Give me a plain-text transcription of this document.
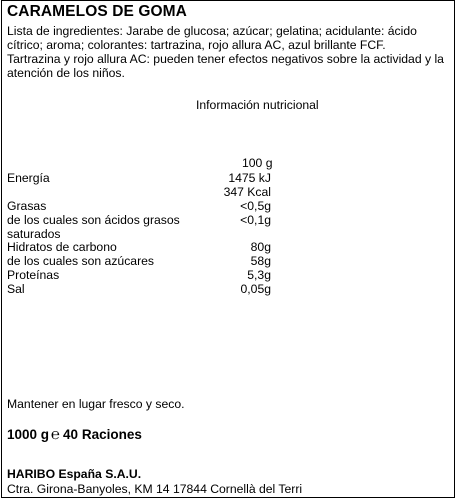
CARAMELOS DE GOMA

Lista de ingredientes: Jarabe de glucosa; azúcar; gelatina; acidulante: ácido

cítrico; aroma; colorantes: tartrazina, rojo allura AC, azul brillante FCF.

Tartrazina y rojo allura AC: pueden tener efectos negativos sobre la actividad y la

atención de los niños.

Información nutricional
100 g
Energía	1475 kJ
347 Kcal
Grasas	<0,5g
de los cuales son ácidos grasos	<0,1g
saturados
Hidratos de carbono	80g
de los cuales son azúcares	58g
Proteínas	5,3g
Sal	0,05g
Mantener en lugar fresco y seco.
1000 g ℮ 40 Raciones
HARIBO España S.A.U.
Ctra. Girona-Banyoles, KM 14 17844 Cornellà del Terri
